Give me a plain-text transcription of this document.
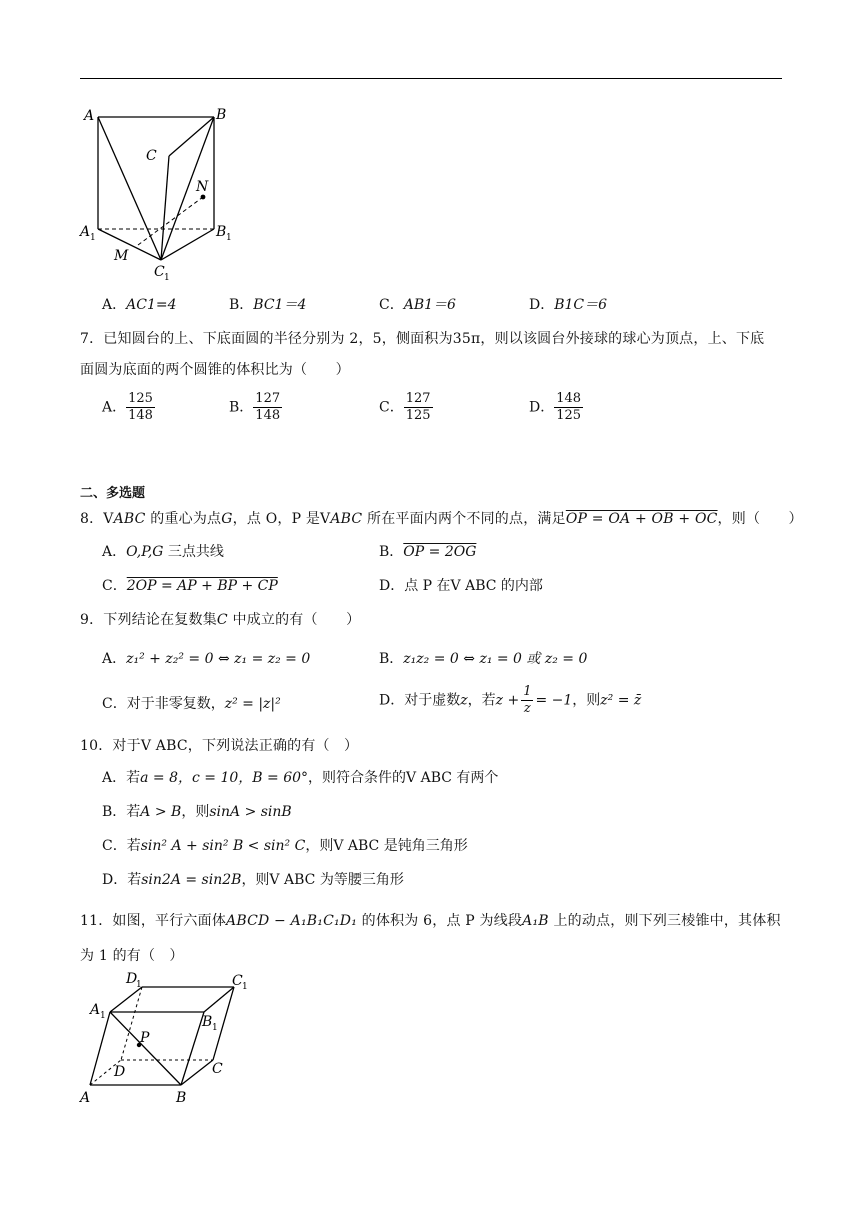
A	B
C
N
A 1	B 1
M
C 1
A．AC1=4	B．BC1＝4	C．AB1＝6	D．B1C＝6
7．已知圆台的上、下底面圆的半径分别为 2，5，侧面积为35π，则以该圆台外接球的球心为顶点，上、下底
面圆为底面的两个圆锥的体积比为（　　）
A． $\frac{125}{148}$	B． $\frac{127}{148}$	C． $\frac{127}{125}$	D． $\frac{148}{125}$
二、多选题
8．VABC 的重心为点G，点 O，P 是VABC 所在平面内两个不同的点，满足OP = OA + OB + OC，则（　　）
A．O,P,G 三点共线	B．OP = 2OG
C．2OP = AP + BP + CP	D．点 P 在V ABC 的内部
9．下列结论在复数集C 中成立的有（　　）
A．z₁² + z₂² = 0 ⇔ z₁ = z₂ = 0	B．z₁z₂ = 0 ⇔ z₁ = 0 或 z₂ = 0
C．对于非零复数，z² = |z|²	D．对于虚数z，若$z + \frac{1}{z} = -1$，则z² = z̄
10．对于V ABC，下列说法正确的有（　）
A．若a = 8，c = 10，B = 60°，则符合条件的V ABC 有两个
B．若A > B，则sinA > sinB
C．若sin² A + sin² B < sin² C，则V ABC 是钝角三角形
D．若sin2A = sin2B，则V ABC 为等腰三角形
11．如图，平行六面体ABCD − A₁B₁C₁D₁ 的体积为 6，点 P 为线段A₁B 上的动点，则下列三棱锥中，其体积
为 1 的有（　）
D
1	C 1
A 1	B 1
P
C
D
A	B
